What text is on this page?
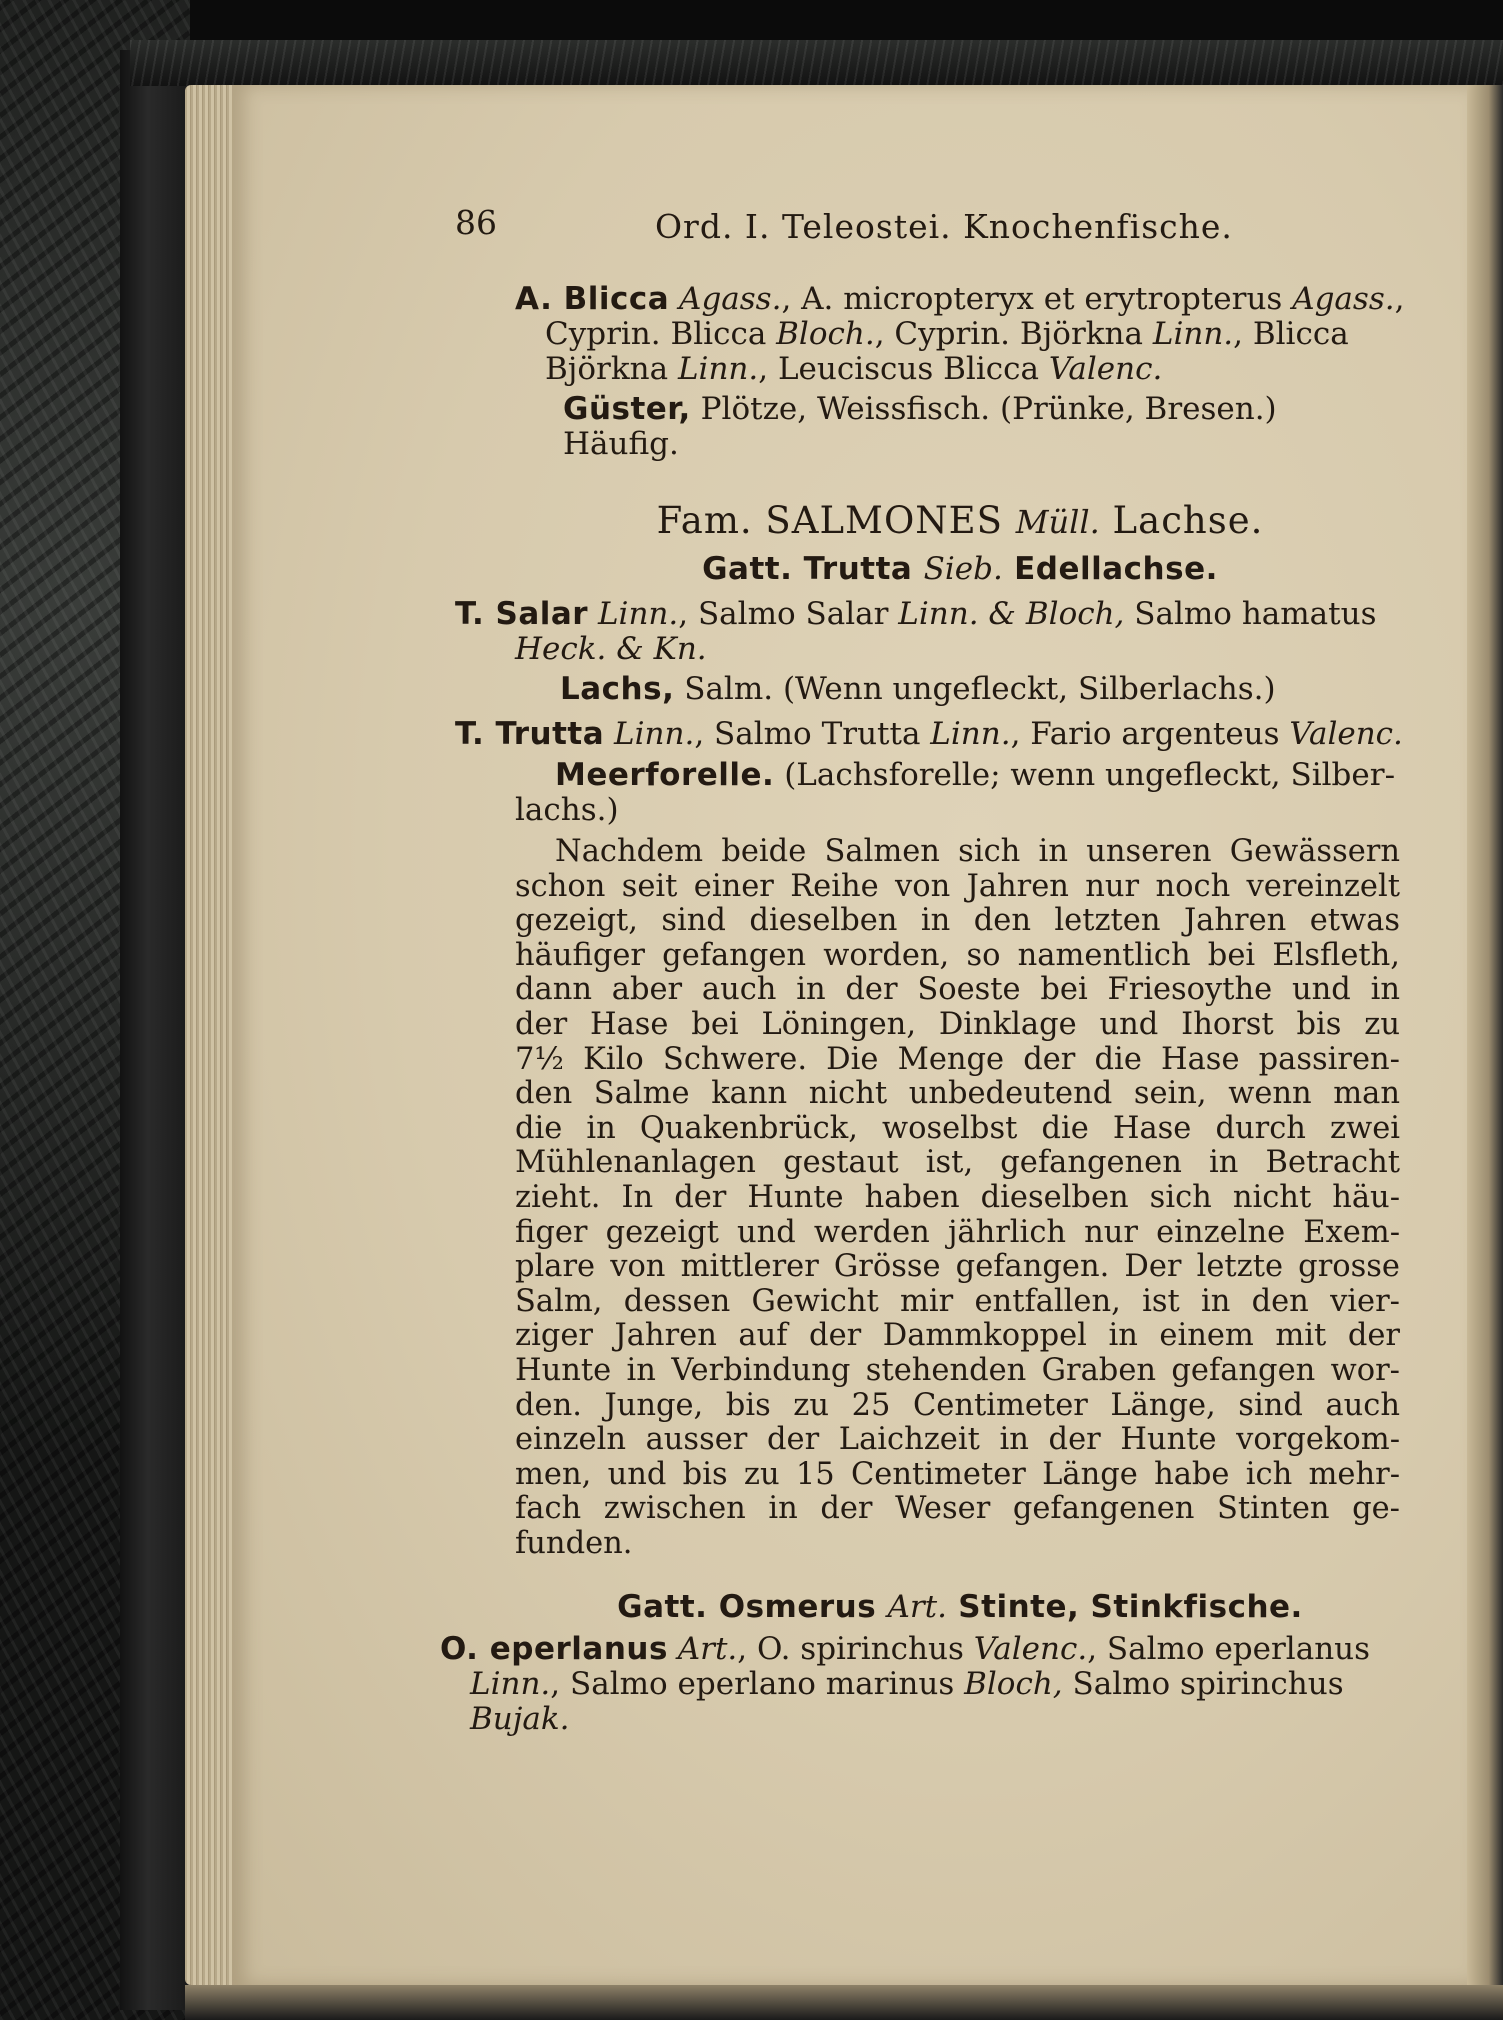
86	Ord. I. Teleostei. Knochenfische.
A. Blicca Agass., A. micropteryx et erytropterus Agass.,
Cyprin. Blicca Bloch., Cyprin. Björkna Linn., Blicca
Björkna Linn., Leuciscus Blicca Valenc.

Güster, Plötze, Weissfisch. (Prünke, Bresen.)

Häufig.

Fam. SALMONES Müll. Lachse.
Gatt. Trutta Sieb. Edellachse.
T. Salar Linn., Salmo Salar Linn. & Bloch, Salmo hamatus
Heck. & Kn.

Lachs, Salm. (Wenn ungefleckt, Silberlachs.)

T. Trutta Linn., Salmo Trutta Linn., Fario argenteus Valenc.

Meerforelle. (Lachsforelle; wenn ungefleckt, Silber-

lachs.)

Nachdem beide Salmen sich in unseren Gewässern
schon seit einer Reihe von Jahren nur noch vereinzelt
gezeigt, sind dieselben in den letzten Jahren etwas
häufiger gefangen worden, so namentlich bei Elsfleth,
dann aber auch in der Soeste bei Friesoythe und in
der Hase bei Löningen, Dinklage und Ihorst bis zu
7½ Kilo Schwere. Die Menge der die Hase passiren-
den Salme kann nicht unbedeutend sein, wenn man
die in Quakenbrück, woselbst die Hase durch zwei
Mühlenanlagen gestaut ist, gefangenen in Betracht
zieht. In der Hunte haben dieselben sich nicht häu-
figer gezeigt und werden jährlich nur einzelne Exem-
plare von mittlerer Grösse gefangen. Der letzte grosse
Salm, dessen Gewicht mir entfallen, ist in den vier-
ziger Jahren auf der Dammkoppel in einem mit der
Hunte in Verbindung stehenden Graben gefangen wor-
den. Junge, bis zu 25 Centimeter Länge, sind auch
einzeln ausser der Laichzeit in der Hunte vorgekom-
men, und bis zu 15 Centimeter Länge habe ich mehr-
fach zwischen in der Weser gefangenen Stinten ge-
funden.
Gatt. Osmerus Art. Stinte, Stinkfische.
O. eperlanus Art., O. spirinchus Valenc., Salmo eperlanus
Linn., Salmo eperlano marinus Bloch, Salmo spirinchus
Bujak.
